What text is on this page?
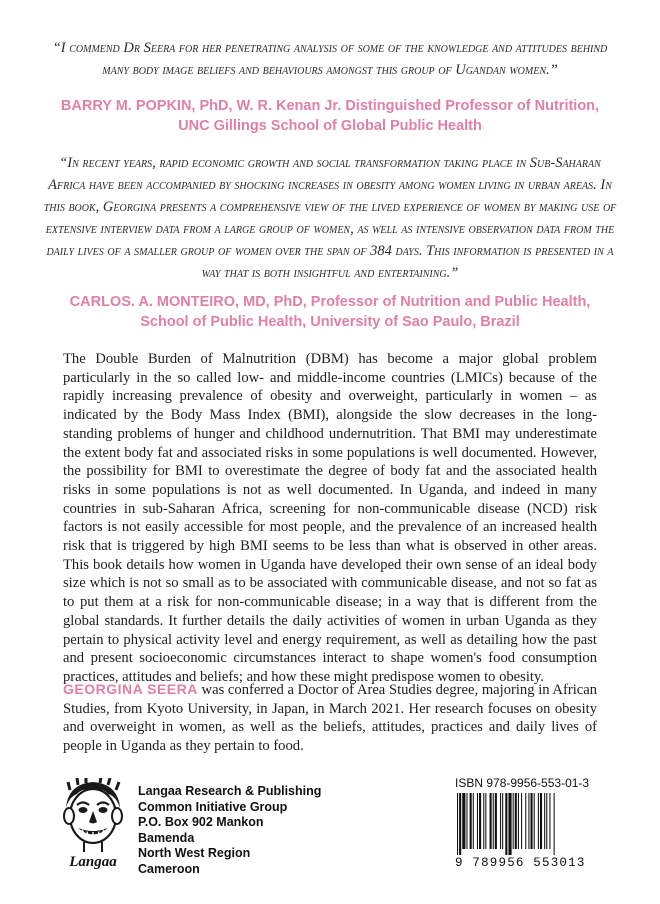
“I commend Dr Seera for her penetrating analysis of some of the knowledge and attitudes behind many body image beliefs and behaviours amongst this group of Ugandan women.”
BARRY M. POPKIN, PhD, W. R. Kenan Jr. Distinguished Professor of Nutrition,
UNC Gillings School of Global Public Health
“In recent years, rapid economic growth and social transformation taking place in Sub-Saharan Africa have been accompanied by shocking increases in obesity among women living in urban areas. In this book, Georgina presents a comprehensive view of the lived experience of women by making use of extensive interview data from a large group of women, as well as intensive observation data from the daily lives of a smaller group of women over the span of 384 days. This information is presented in a way that is both insightful and entertaining.”
CARLOS. A. MONTEIRO, MD, PhD, Professor of Nutrition and Public Health,
School of Public Health, University of Sao Paulo, Brazil

The Double Burden of Malnutrition (DBM) has become a major global problem particularly in the so called low- and middle-income countries (LMICs) because of the rapidly increasing prevalence of obesity and overweight, particularly in women – as indicated by the Body Mass Index (BMI), alongside the slow decreases in the long-standing problems of hunger and childhood undernutrition. That BMI may underestimate the extent body fat and associated risks in some populations is well documented. However, the possibility for BMI to overestimate the degree of body fat and the associated health risks in some populations is not as well documented. In Uganda, and indeed in many countries in sub-Saharan Africa, screening for non-communicable disease (NCD) risk factors is not easily accessible for most people, and the prevalence of an increased health risk that is triggered by high BMI seems to be less than what is observed in other areas. This book details how women in Uganda have developed their own sense of an ideal body size which is not so small as to be associated with communicable disease, and not so fat as to put them at a risk for non-communicable disease; in a way that is different from the global standards. It further details the daily activities of women in urban Uganda as they pertain to physical activity level and energy requirement, as well as detailing how the past and present socioeconomic circumstances interact to shape women's food consumption practices, attitudes and beliefs; and how these might predispose women to obesity.

GEORGINA SEERA was conferred a Doctor of Area Studies degree, majoring in African Studies, from Kyoto University, in Japan, in March 2021. Her research focuses on obesity and overweight in women, as well as the beliefs, attitudes, practices and daily lives of people in Uganda as they pertain to food.

Langaa
Langaa Research & Publishing
Common Initiative Group
P.O. Box 902 Mankon
Bamenda
North West Region
Cameroon
ISBN 978-9956-553-01-3
9 789956 553013
